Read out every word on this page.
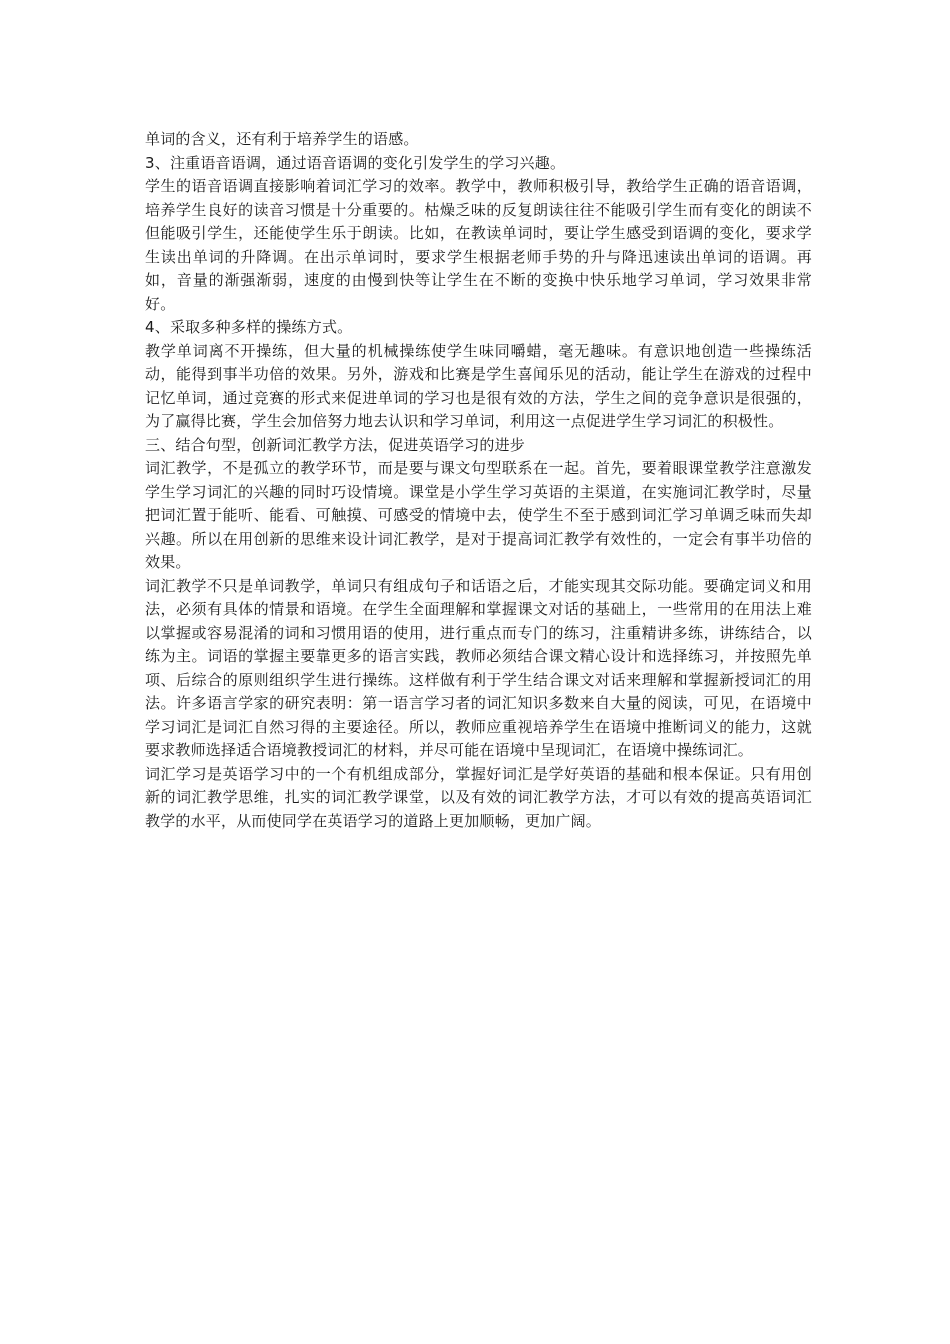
单词的含义，还有利于培养学生的语感。

3、注重语音语调，通过语音语调的变化引发学生的学习兴趣。

学生的语音语调直接影响着词汇学习的效率。教学中，教师积极引导，教给学生正确的语音语调，培养学生良好的读音习惯是十分重要的。枯燥乏味的反复朗读往往不能吸引学生而有变化的朗读不但能吸引学生，还能使学生乐于朗读。比如，在教读单词时，要让学生感受到语调的变化，要求学生读出单词的升降调。在出示单词时，要求学生根据老师手势的升与降迅速读出单词的语调。再如，音量的渐强渐弱，速度的由慢到快等让学生在不断的变换中快乐地学习单词，学习效果非常好。

4、采取多种多样的操练方式。

教学单词离不开操练，但大量的机械操练使学生味同嚼蜡，毫无趣味。有意识地创造一些操练活动，能得到事半功倍的效果。另外，游戏和比赛是学生喜闻乐见的活动，能让学生在游戏的过程中记忆单词，通过竞赛的形式来促进单词的学习也是很有效的方法，学生之间的竞争意识是很强的，为了赢得比赛，学生会加倍努力地去认识和学习单词，利用这一点促进学生学习词汇的积极性。

三、结合句型，创新词汇教学方法，促进英语学习的进步

词汇教学，不是孤立的教学环节，而是要与课文句型联系在一起。首先，要着眼课堂教学注意激发学生学习词汇的兴趣的同时巧设情境。课堂是小学生学习英语的主渠道，在实施词汇教学时，尽量把词汇置于能听、能看、可触摸、可感受的情境中去，使学生不至于感到词汇学习单调乏味而失却兴趣。所以在用创新的思维来设计词汇教学，是对于提高词汇教学有效性的，一定会有事半功倍的效果。

词汇教学不只是单词教学，单词只有组成句子和话语之后，才能实现其交际功能。要确定词义和用法，必须有具体的情景和语境。在学生全面理解和掌握课文对话的基础上，一些常用的在用法上难以掌握或容易混淆的词和习惯用语的使用，进行重点而专门的练习，注重精讲多练，讲练结合，以练为主。词语的掌握主要靠更多的语言实践，教师必须结合课文精心设计和选择练习，并按照先单项、后综合的原则组织学生进行操练。这样做有利于学生结合课文对话来理解和掌握新授词汇的用法。许多语言学家的研究表明：第一语言学习者的词汇知识多数来自大量的阅读，可见，在语境中学习词汇是词汇自然习得的主要途径。所以，教师应重视培养学生在语境中推断词义的能力，这就要求教师选择适合语境教授词汇的材料，并尽可能在语境中呈现词汇，在语境中操练词汇。

词汇学习是英语学习中的一个有机组成部分，掌握好词汇是学好英语的基础和根本保证。只有用创新的词汇教学思维，扎实的词汇教学课堂，以及有效的词汇教学方法，才可以有效的提高英语词汇教学的水平，从而使同学在英语学习的道路上更加顺畅，更加广阔。
